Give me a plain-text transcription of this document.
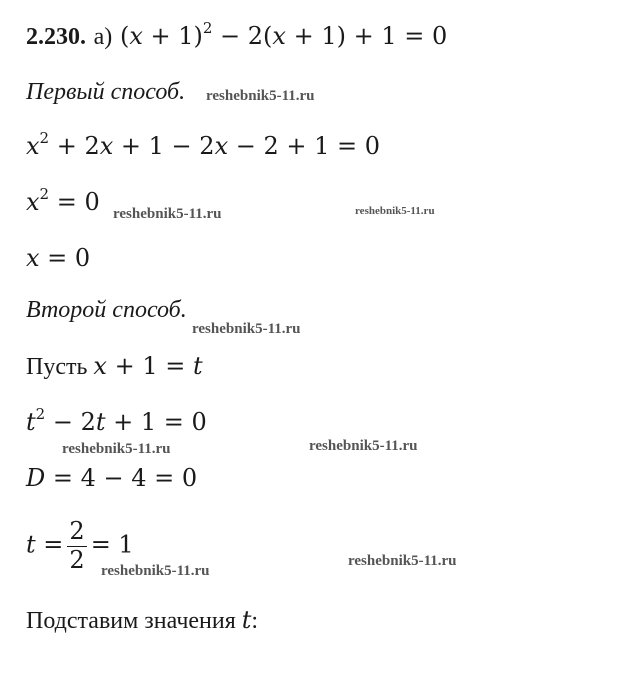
2.230. а) $(x + 1)^2 - 2(x + 1) + 1 = 0$
Первый способ.
$x^2 + 2x + 1 - 2x - 2 + 1 = 0$
$x^2 = 0$
x = 0
Второй способ.
Пусть x + 1 = t
$t^2 - 2t + 1 = 0$
D = 4 − 4 = 0
$t = \frac{2}{2} = 1$
Подставим значения t:
reshebnik5-11.ru
reshebnik5-11.ru	reshebnik5-11.ru
reshebnik5-11.ru
reshebnik5-11.ru	reshebnik5-11.ru
reshebnik5-11.ru
reshebnik5-11.ru
